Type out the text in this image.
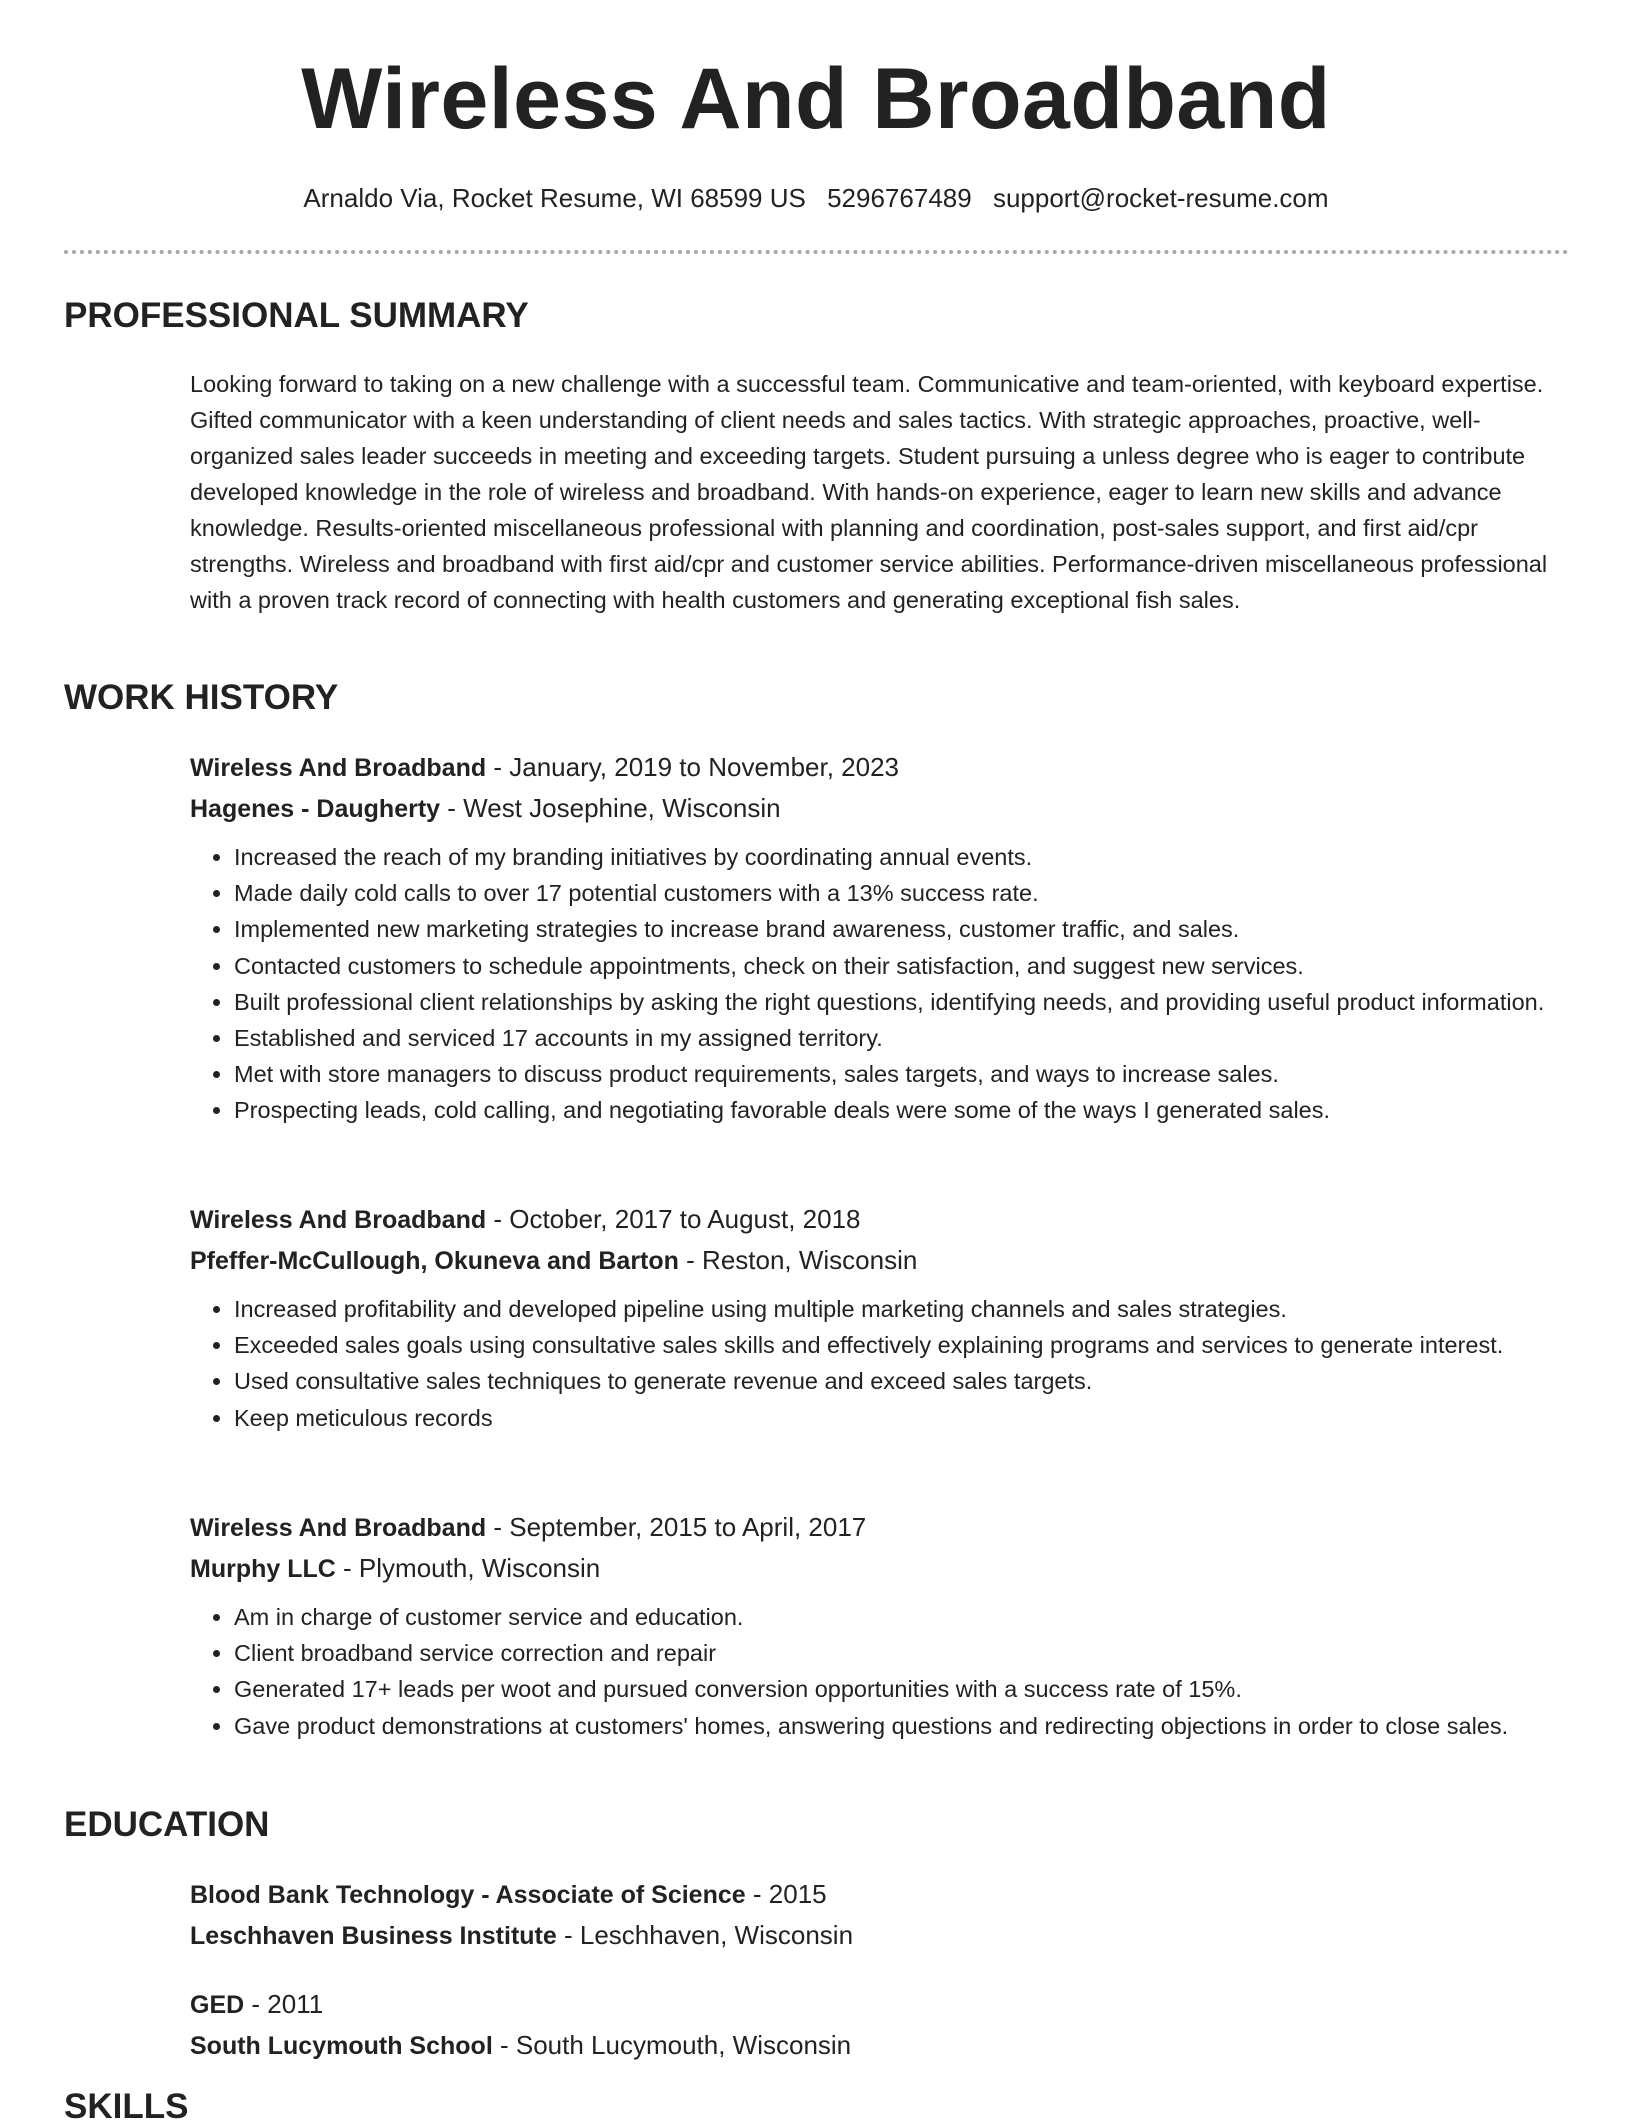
Wireless And Broadband
Arnaldo Via, Rocket Resume, WI 68599 US 5296767489 support@rocket-resume.com
PROFESSIONAL SUMMARY

Looking forward to taking on a new challenge with a successful team. Communicative and team-oriented, with keyboard expertise. Gifted communicator with a keen understanding of client needs and sales tactics. With strategic approaches, proactive, well-organized sales leader succeeds in meeting and exceeding targets. Student pursuing a unless degree who is eager to contribute developed knowledge in the role of wireless and broadband. With hands-on experience, eager to learn new skills and advance knowledge. Results-oriented miscellaneous professional with planning and coordination, post-sales support, and first aid/cpr strengths. Wireless and broadband with first aid/cpr and customer service abilities. Performance-driven miscellaneous professional with a proven track record of connecting with health customers and generating exceptional fish sales.

WORK HISTORY
Wireless And Broadband - January, 2019 to November, 2023
Hagenes - Daugherty - West Josephine, Wisconsin
• Increased the reach of my branding initiatives by coordinating annual events.
• Made daily cold calls to over 17 potential customers with a 13% success rate.
• Implemented new marketing strategies to increase brand awareness, customer traffic, and sales.
• Contacted customers to schedule appointments, check on their satisfaction, and suggest new services.
• Built professional client relationships by asking the right questions, identifying needs, and providing useful product information.
• Established and serviced 17 accounts in my assigned territory.
• Met with store managers to discuss product requirements, sales targets, and ways to increase sales.
• Prospecting leads, cold calling, and negotiating favorable deals were some of the ways I generated sales.
Wireless And Broadband - October, 2017 to August, 2018
Pfeffer-McCullough, Okuneva and Barton - Reston, Wisconsin
• Increased profitability and developed pipeline using multiple marketing channels and sales strategies.
• Exceeded sales goals using consultative sales skills and effectively explaining programs and services to generate interest.
• Used consultative sales techniques to generate revenue and exceed sales targets.
• Keep meticulous records
Wireless And Broadband - September, 2015 to April, 2017
Murphy LLC - Plymouth, Wisconsin
• Am in charge of customer service and education.
• Client broadband service correction and repair
• Generated 17+ leads per woot and pursued conversion opportunities with a success rate of 15%.
• Gave product demonstrations at customers' homes, answering questions and redirecting objections in order to close sales.
EDUCATION
Blood Bank Technology - Associate of Science - 2015
Leschhaven Business Institute - Leschhaven, Wisconsin
GED - 2011
South Lucymouth School - South Lucymouth, Wisconsin
SKILLS
